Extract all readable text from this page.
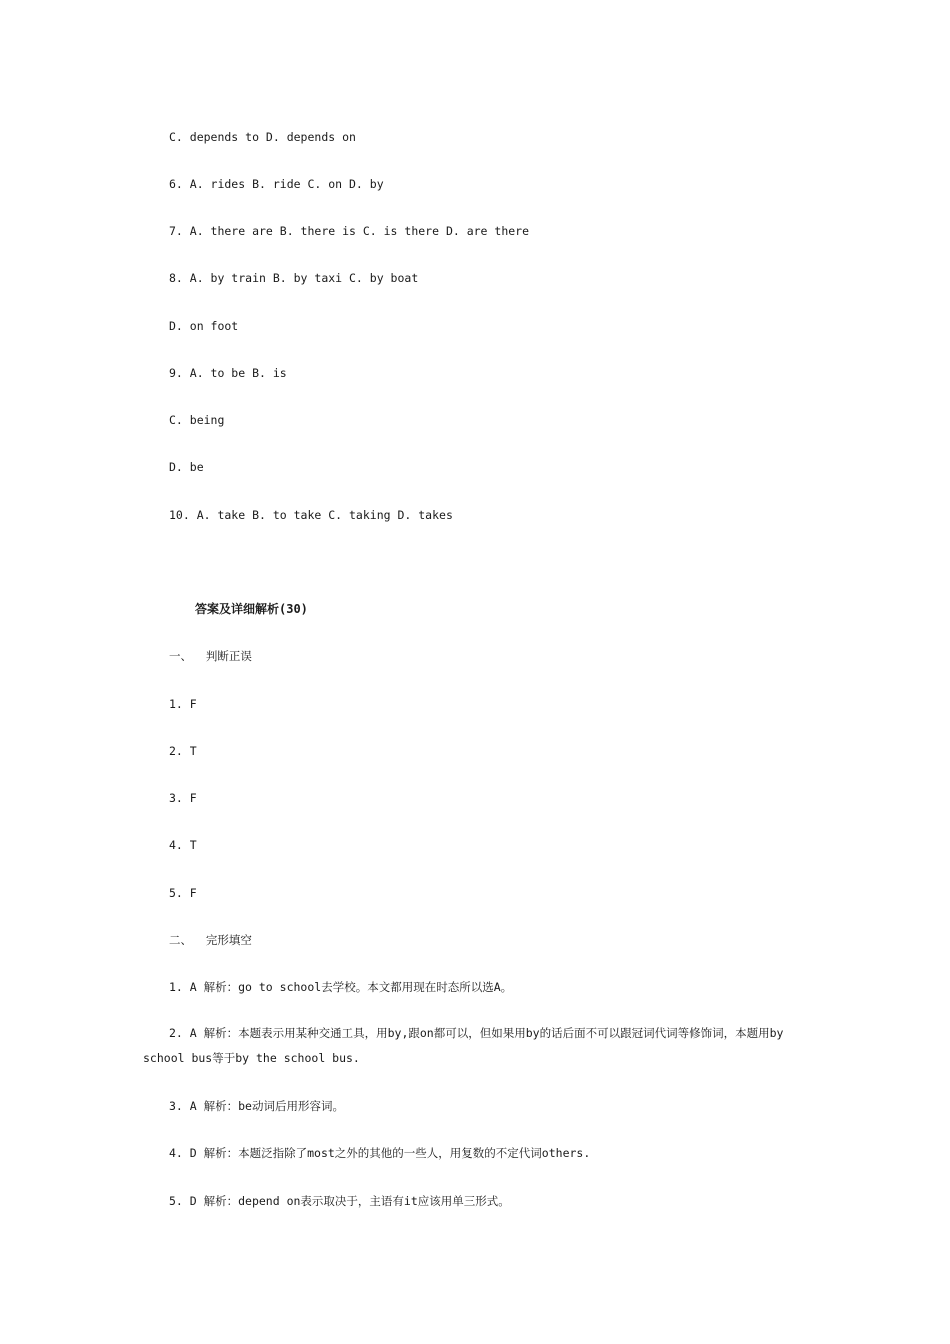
C. depends to D. depends on
6. A. rides B. ride C. on D. by
7. A. there are B. there is C. is there D. are there
8. A. by train B. by taxi C. by boat
D. on foot
9. A. to be B. is
C. being
D. be
10. A. take B. to take C. taking D. takes
答案及详细解析(30)
一、  判断正误
1. F
2. T
3. F
4. T
5. F
二、  完形填空
1. A 解析：go to school去学校。本文都用现在时态所以选A。
2. A 解析：本题表示用某种交通工具，用by,跟on都可以，但如果用by的话后面不可以跟冠词代词等修饰词，本题用by school bus等于by the school bus.
3. A 解析：be动词后用形容词。
4. D 解析：本题泛指除了most之外的其他的一些人，用复数的不定代词others.
5. D 解析：depend on表示取决于，主语有it应该用单三形式。
